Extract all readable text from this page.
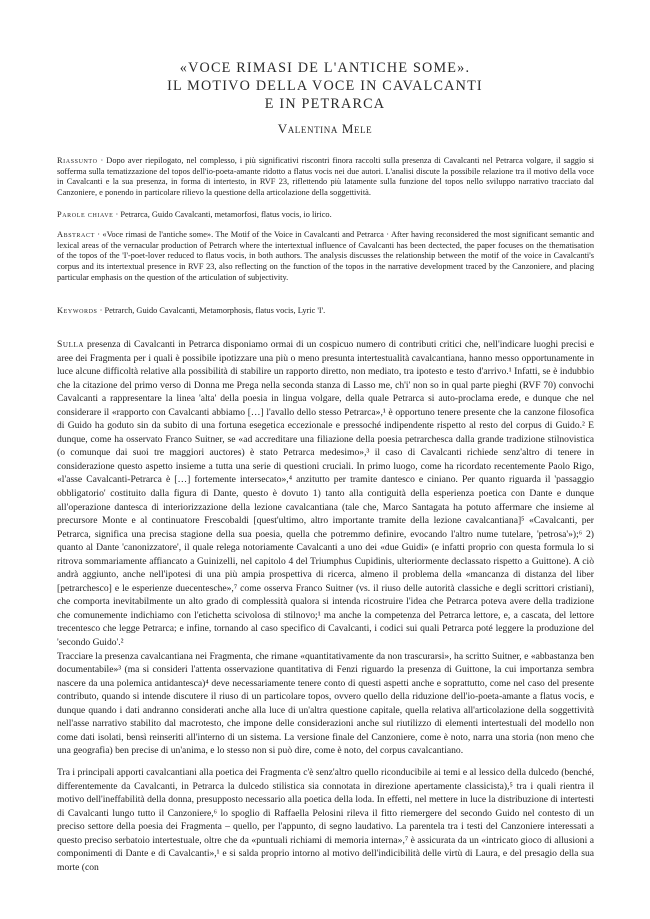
«VOCE RIMASI DE L'ANTICHE SOME».
IL MOTIVO DELLA VOCE IN CAVALCANTI
E IN PETRARCA
Valentina Mele
Riassunto · Dopo aver riepilogato, nel complesso, i più significativi riscontri finora raccolti sulla presenza di Cavalcanti nel Petrarca volgare, il saggio si sofferma sulla tematizzazione del topos dell'io-poeta-amante ridotto a flatus vocis nei due autori. L'analisi discute la possibile relazione tra il motivo della voce in Cavalcanti e la sua presenza, in forma di intertesto, in RVF 23, riflettendo più latamente sulla funzione del topos nello sviluppo narrativo tracciato dal Canzoniere, e ponendo in particolare rilievo la questione della articolazione della soggettività.
Parole chiave · Petrarca, Guido Cavalcanti, metamorfosi, flatus vocis, io lirico.
Abstract · «Voce rimasi de l'antiche some». The Motif of the Voice in Cavalcanti and Petrarca · After having reconsidered the most significant semantic and lexical areas of the vernacular production of Petrarch where the intertextual influence of Cavalcanti has been dectected, the paper focuses on the thematisation of the topos of the 'I'-poet-lover reduced to flatus vocis, in both authors. The analysis discusses the relationship between the motif of the voice in Cavalcanti's corpus and its intertextual presence in RVF 23, also reflecting on the function of the topos in the narrative development traced by the Canzoniere, and placing particular emphasis on the question of the articulation of subjectivity.
Keywords · Petrarch, Guido Cavalcanti, Metamorphosis, flatus vocis, Lyric 'I'.

Sulla presenza di Cavalcanti in Petrarca disponiamo ormai di un cospicuo numero di contributi critici che, nell'indicare luoghi precisi e aree dei Fragmenta per i quali è possibile ipotizzare una più o meno presunta intertestualità cavalcantiana, hanno messo opportunamente in luce alcune difficoltà relative alla possibilità di stabilire un rapporto diretto, non mediato, tra ipotesto e testo d'arrivo.¹ Infatti, se è indubbio che la citazione del primo verso di Donna me Prega nella seconda stanza di Lasso me, ch'i' non so in qual parte pieghi (RVF 70) convochi Cavalcanti a rappresentare la linea 'alta' della poesia in lingua volgare, della quale Petrarca si auto-proclama erede, e dunque che nel considerare il «rapporto con Cavalcanti abbiamo […] l'avallo dello stesso Petrarca»,¹ è opportuno tenere presente che la canzone filosofica di Guido ha goduto sin da subito di una fortuna esegetica eccezionale e pressoché indipendente rispetto al resto del corpus di Guido.² E dunque, come ha osservato Franco Suitner, se «ad accreditare una filiazione della poesia petrarchesca dalla grande tradizione stilnovistica (o comunque dai suoi tre maggiori auctores) è stato Petrarca medesimo»,³ il caso di Cavalcanti richiede senz'altro di tenere in considerazione questo aspetto insieme a tutta una serie di questioni cruciali. In primo luogo, come ha ricordato recentemente Paolo Rigo, «l'asse Cavalcanti-Petrarca è […] fortemente intersecato»,⁴ anzitutto per tramite dantesco e ciniano. Per quanto riguarda il 'passaggio obbligatorio' costituito dalla figura di Dante, questo è dovuto 1) tanto alla contiguità della esperienza poetica con Dante e dunque all'operazione dantesca di interiorizzazione della lezione cavalcantiana (tale che, Marco Santagata ha potuto affermare che insieme al precursore Monte e al continuatore Frescobaldi [quest'ultimo, altro importante tramite della lezione cavalcantiana]⁵ «Cavalcanti, per Petrarca, significa una precisa stagione della sua poesia, quella che potremmo definire, evocando l'altro nume tutelare, 'petrosa'»);⁶ 2) quanto al Dante 'canonizzatore', il quale relega notoriamente Cavalcanti a uno dei «due Guidi» (e infatti proprio con questa formula lo si ritrova sommariamente affiancato a Guinizelli, nel capitolo 4 del Triumphus Cupidinis, ulteriormente declassato rispetto a Guittone). A ciò andrà aggiunto, anche nell'ipotesi di una più ampia prospettiva di ricerca, almeno il problema della «mancanza di distanza del liber [petrarchesco] e le esperienze duecentesche»,⁷ come osserva Franco Suitner (vs. il riuso delle autorità classiche e degli scrittori cristiani), che comporta inevitabilmente un alto grado di complessità qualora si intenda ricostruire l'idea che Petrarca poteva avere della tradizione che comunemente indichiamo con l'etichetta scivolosa di stilnovo;¹ ma anche la competenza del Petrarca lettore, e, a cascata, del lettore trecentesco che legge Petrarca; e infine, tornando al caso specifico di Cavalcanti, i codici sui quali Petrarca poté leggere la produzione del 'secondo Guido'.²

Tracciare la presenza cavalcantiana nei Fragmenta, che rimane «quantitativamente da non trascurarsi», ha scritto Suitner, e «abbastanza ben documentabile»³ (ma si consideri l'attenta osservazione quantitativa di Fenzi riguardo la presenza di Guittone, la cui importanza sembra nascere da una polemica antidantesca)⁴ deve necessariamente tenere conto di questi aspetti anche e soprattutto, come nel caso del presente contributo, quando si intende discutere il riuso di un particolare topos, ovvero quello della riduzione dell'io-poeta-amante a flatus vocis, e dunque quando i dati andranno considerati anche alla luce di un'altra questione capitale, quella relativa all'articolazione della soggettività nell'asse narrativo stabilito dal macrotesto, che impone delle considerazioni anche sul riutilizzo di elementi intertestuali del modello non come dati isolati, bensì reinseriti all'interno di un sistema. La versione finale del Canzoniere, come è noto, narra una storia (non meno che una geografia) ben precise di un'anima, e lo stesso non si può dire, come è noto, del corpus cavalcantiano.

Tra i principali apporti cavalcantiani alla poetica dei Fragmenta c'è senz'altro quello riconducibile ai temi e al lessico della dulcedo (benché, differentemente da Cavalcanti, in Petrarca la dulcedo stilistica sia connotata in direzione apertamente classicista),⁵ tra i quali rientra il motivo dell'ineffabilità della donna, presupposto necessario alla poetica della loda. In effetti, nel mettere in luce la distribuzione di intertesti di Cavalcanti lungo tutto il Canzoniere,⁶ lo spoglio di Raffaella Pelosini rileva il fitto riemergere del secondo Guido nel contesto di un preciso settore della poesia dei Fragmenta – quello, per l'appunto, di segno laudativo. La parentela tra i testi del Canzoniere interessati a questo preciso serbatoio intertestuale, oltre che da «puntuali richiami di memoria interna»,⁷ è assicurata da un «intricato gioco di allusioni a componimenti di Dante e di Cavalcanti»,¹ e si salda proprio intorno al motivo dell'indicibilità delle virtù di Laura, e del presagio della sua morte (con
